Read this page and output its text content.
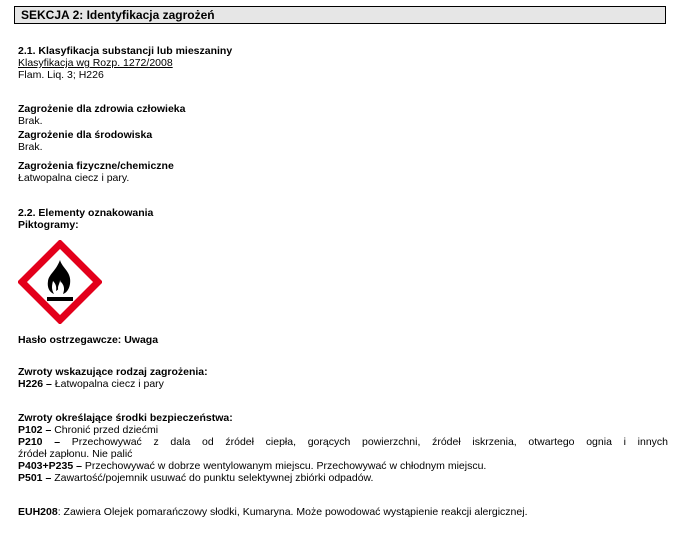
SEKCJA 2: Identyfikacja zagrożeń
2.1. Klasyfikacja substancji lub mieszaniny
Klasyfikacja wg Rozp. 1272/2008
Flam. Liq. 3; H226
Zagrożenie dla zdrowia człowieka
Brak.
Zagrożenie dla środowiska
Brak.
Zagrożenia fizyczne/chemiczne
Łatwopalna ciecz i pary.
2.2. Elementy oznakowania
Piktogramy:
Hasło ostrzegawcze: Uwaga
Zwroty wskazujące rodzaj zagrożenia:
H226 – Łatwopalna ciecz i pary
Zwroty określające środki bezpieczeństwa:
P102 – Chronić przed dziećmi
P210 – Przechowywać z dala od źródeł ciepła, gorących powierzchni, źródeł iskrzenia, otwartego ognia i innych
źródeł zapłonu. Nie palić
P403+P235 – Przechowywać w dobrze wentylowanym miejscu. Przechowywać w chłodnym miejscu.
P501 – Zawartość/pojemnik usuwać do punktu selektywnej zbiórki odpadów.
EUH208: Zawiera Olejek pomarańczowy słodki, Kumaryna. Może powodować wystąpienie reakcji alergicznej.
